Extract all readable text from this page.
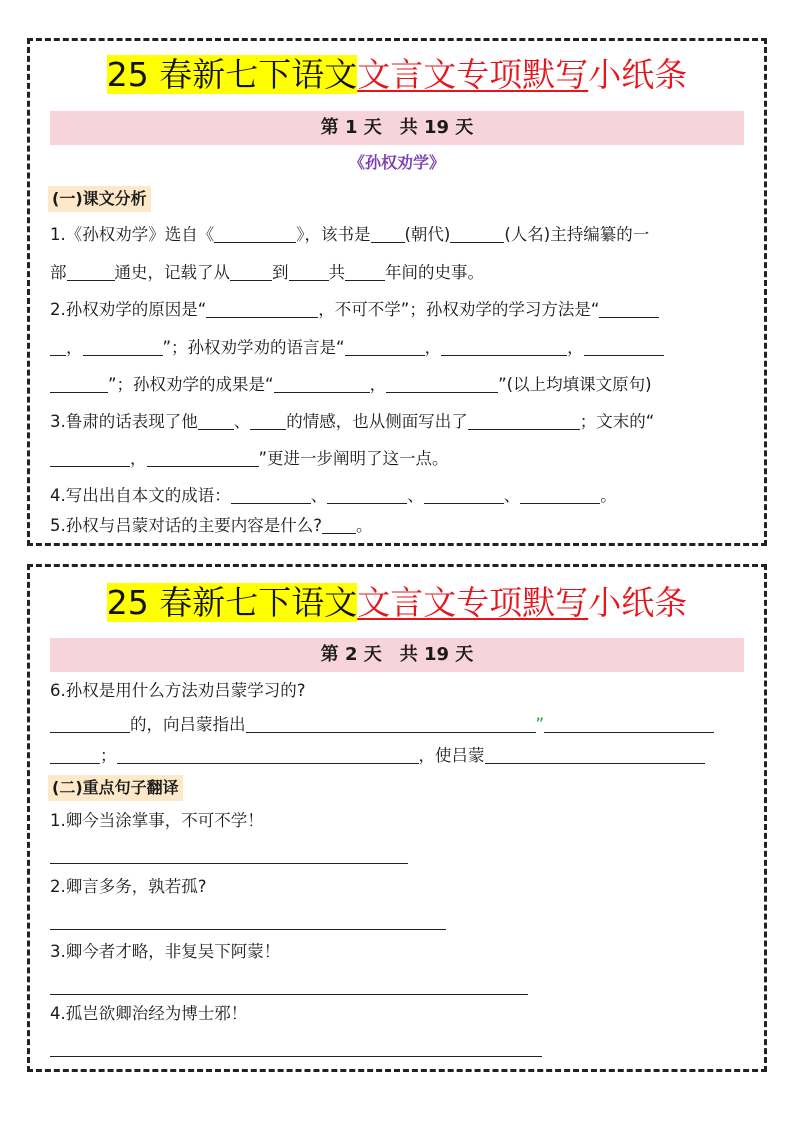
25 春新七下语文文言文专项默写小纸条
第 1 天　共 19 天
《孙权劝学》
(一)课文分析
1.《孙权劝学》选自《	》，该书是 (朝代)	(人名)主持编纂的一
部	通史，记载了从	到 共 年间的史事。
2.孙权劝学的原因是“	，不可不学”；孙权劝学的学习方法是“
，	”；孙权劝学劝的语言是“	，	，
”；孙权劝学的成果是“	，	”(以上均填课文原句)
3.鲁肃的话表现了他 、 的情感，也从侧面写出了	；文末的“
，	”更进一步阐明了这一点。
4.写出出自本文的成语：	、	、	、	。
5.孙权与吕蒙对话的主要内容是什么? 。
25 春新七下语文文言文专项默写小纸条
第 2 天　共 19 天
6.孙权是用什么方法劝吕蒙学习的?
的，向吕蒙指出	”
；	，使吕蒙
(二)重点句子翻译
1.卿今当涂掌事，不可不学！
2.卿言多务，孰若孤?
3.卿今者才略，非复吴下阿蒙！
4.孤岂欲卿治经为博士邪！
